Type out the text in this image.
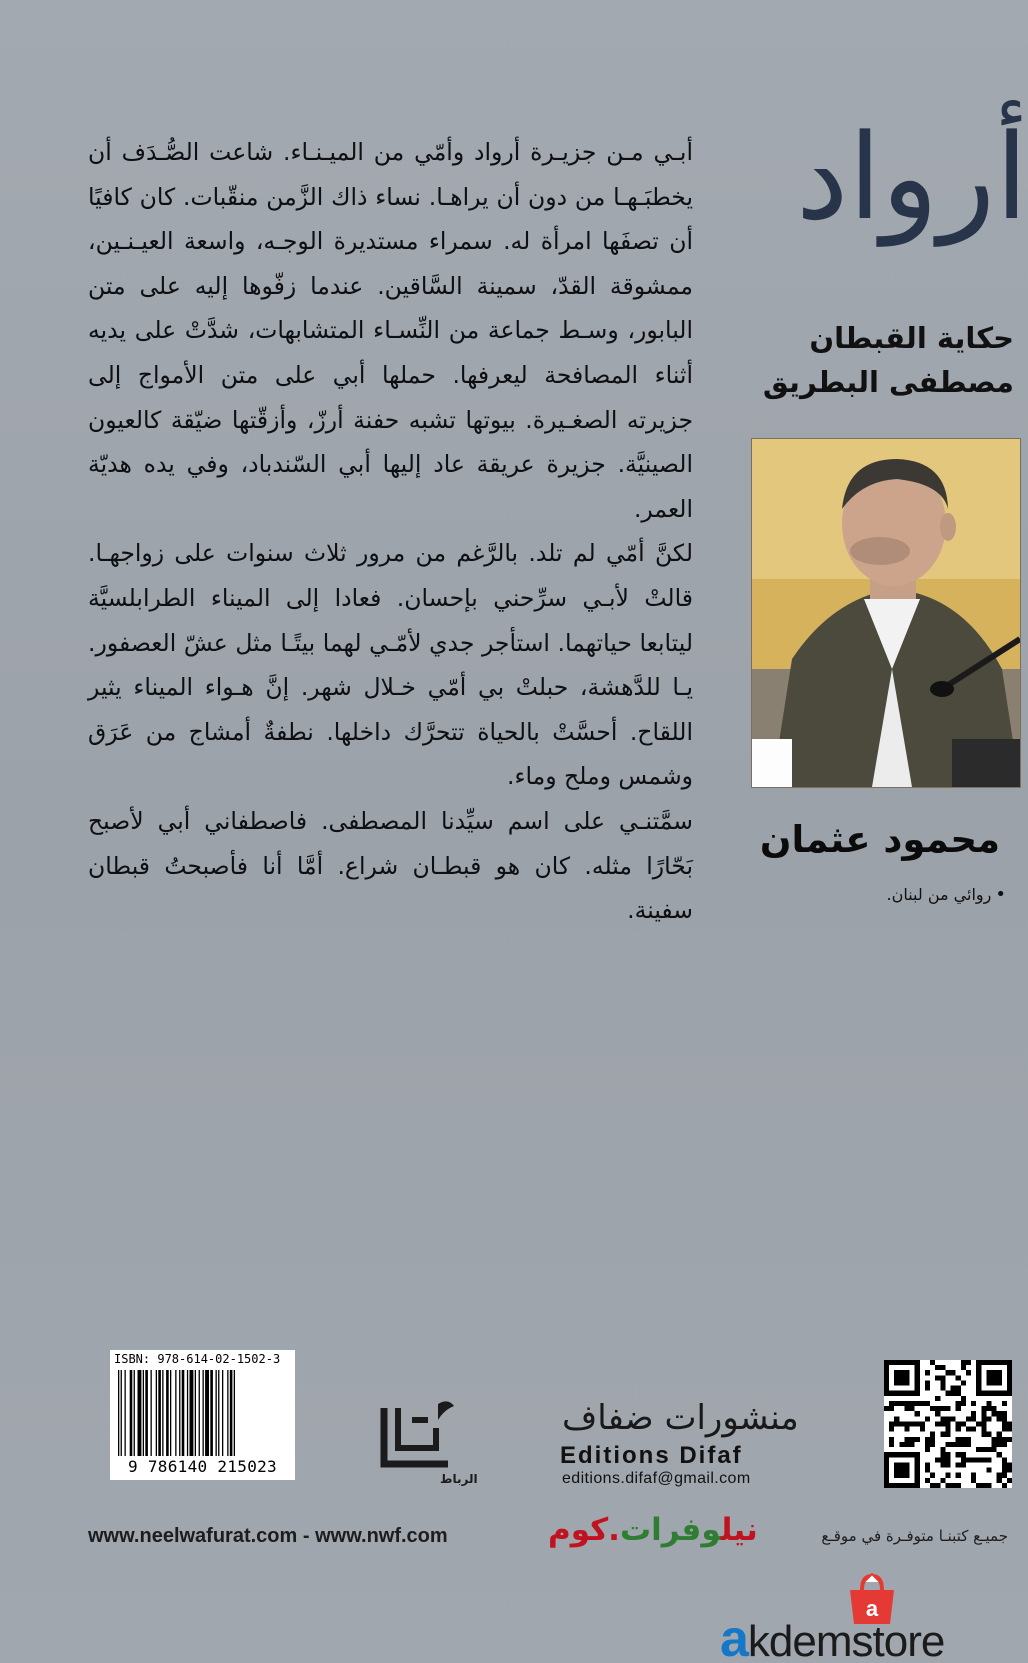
أبـي مـن جزيـرة أرواد وأمّي من الميـنـاء. شاعت الصُّـدَف أن يخطبَـهـا من دون أن يراهـا. نساء ذاك الزَّمن منقّبات. كان كافيًا أن تصفَها امرأة له. سمراء مستديرة الوجـه، واسعة العيـنـين، ممشوقة القدّ، سمينة السَّاقين. عندما زفّوها إليه على متن البابور، وسـط جماعة من النِّسـاء المتشابهات، شدَّتْ على يديه أثناء المصافحة ليعرفها. حملها أبي على متن الأمواج إلى جزيرته الصغـيرة. بيوتها تشبه حفنة أرزّ، وأزقّتها ضيّقة كالعيون الصينيَّة. جزيرة عريقة عاد إليها أبي السّندباد، وفي يده هديّة العمر.

لكنَّ أمّي لم تلد. بالرَّغم من مرور ثلاث سنوات على زواجهـا. قالتْ لأبـي سرِّحني بإحسان. فعادا إلى الميناء الطرابلسيَّة ليتابعا حياتهما. استأجر جدي لأمّـي لهما بيتًـا مثل عشّ العصفور. يـا للدَّهشة، حبلتْ بي أمّي خـلال شهر. إنَّ هـواء الميناء يثير اللقاح. أحسَّتْ بالحياة تتحرَّك داخلها. نطفةٌ أمشاج من عَرَق وشمس وملح وماء.

سمَّتنـي على اسم سيِّدنا المصطفى. فاصطفاني أبي لأصبح بَحّارًا مثله. كان هو قبطـان شراع. أمَّا أنا فأصبحتُ قبطان سفينة.

أرواد
حكاية القبطان
مصطفى البطريق
محمود عثمان
•روائي من لبنان.
ISBN: 978-614-02-1502-3
9 786140 215023
الرباط
منشورات ضفاف
Editions Difaf
editions.difaf@gmail.com
www.neelwafurat.com - www.nwf.com	نيلوفرات.كوم	جميـع كتبنـا متوفـرة في موقـع
a
akdemstore
